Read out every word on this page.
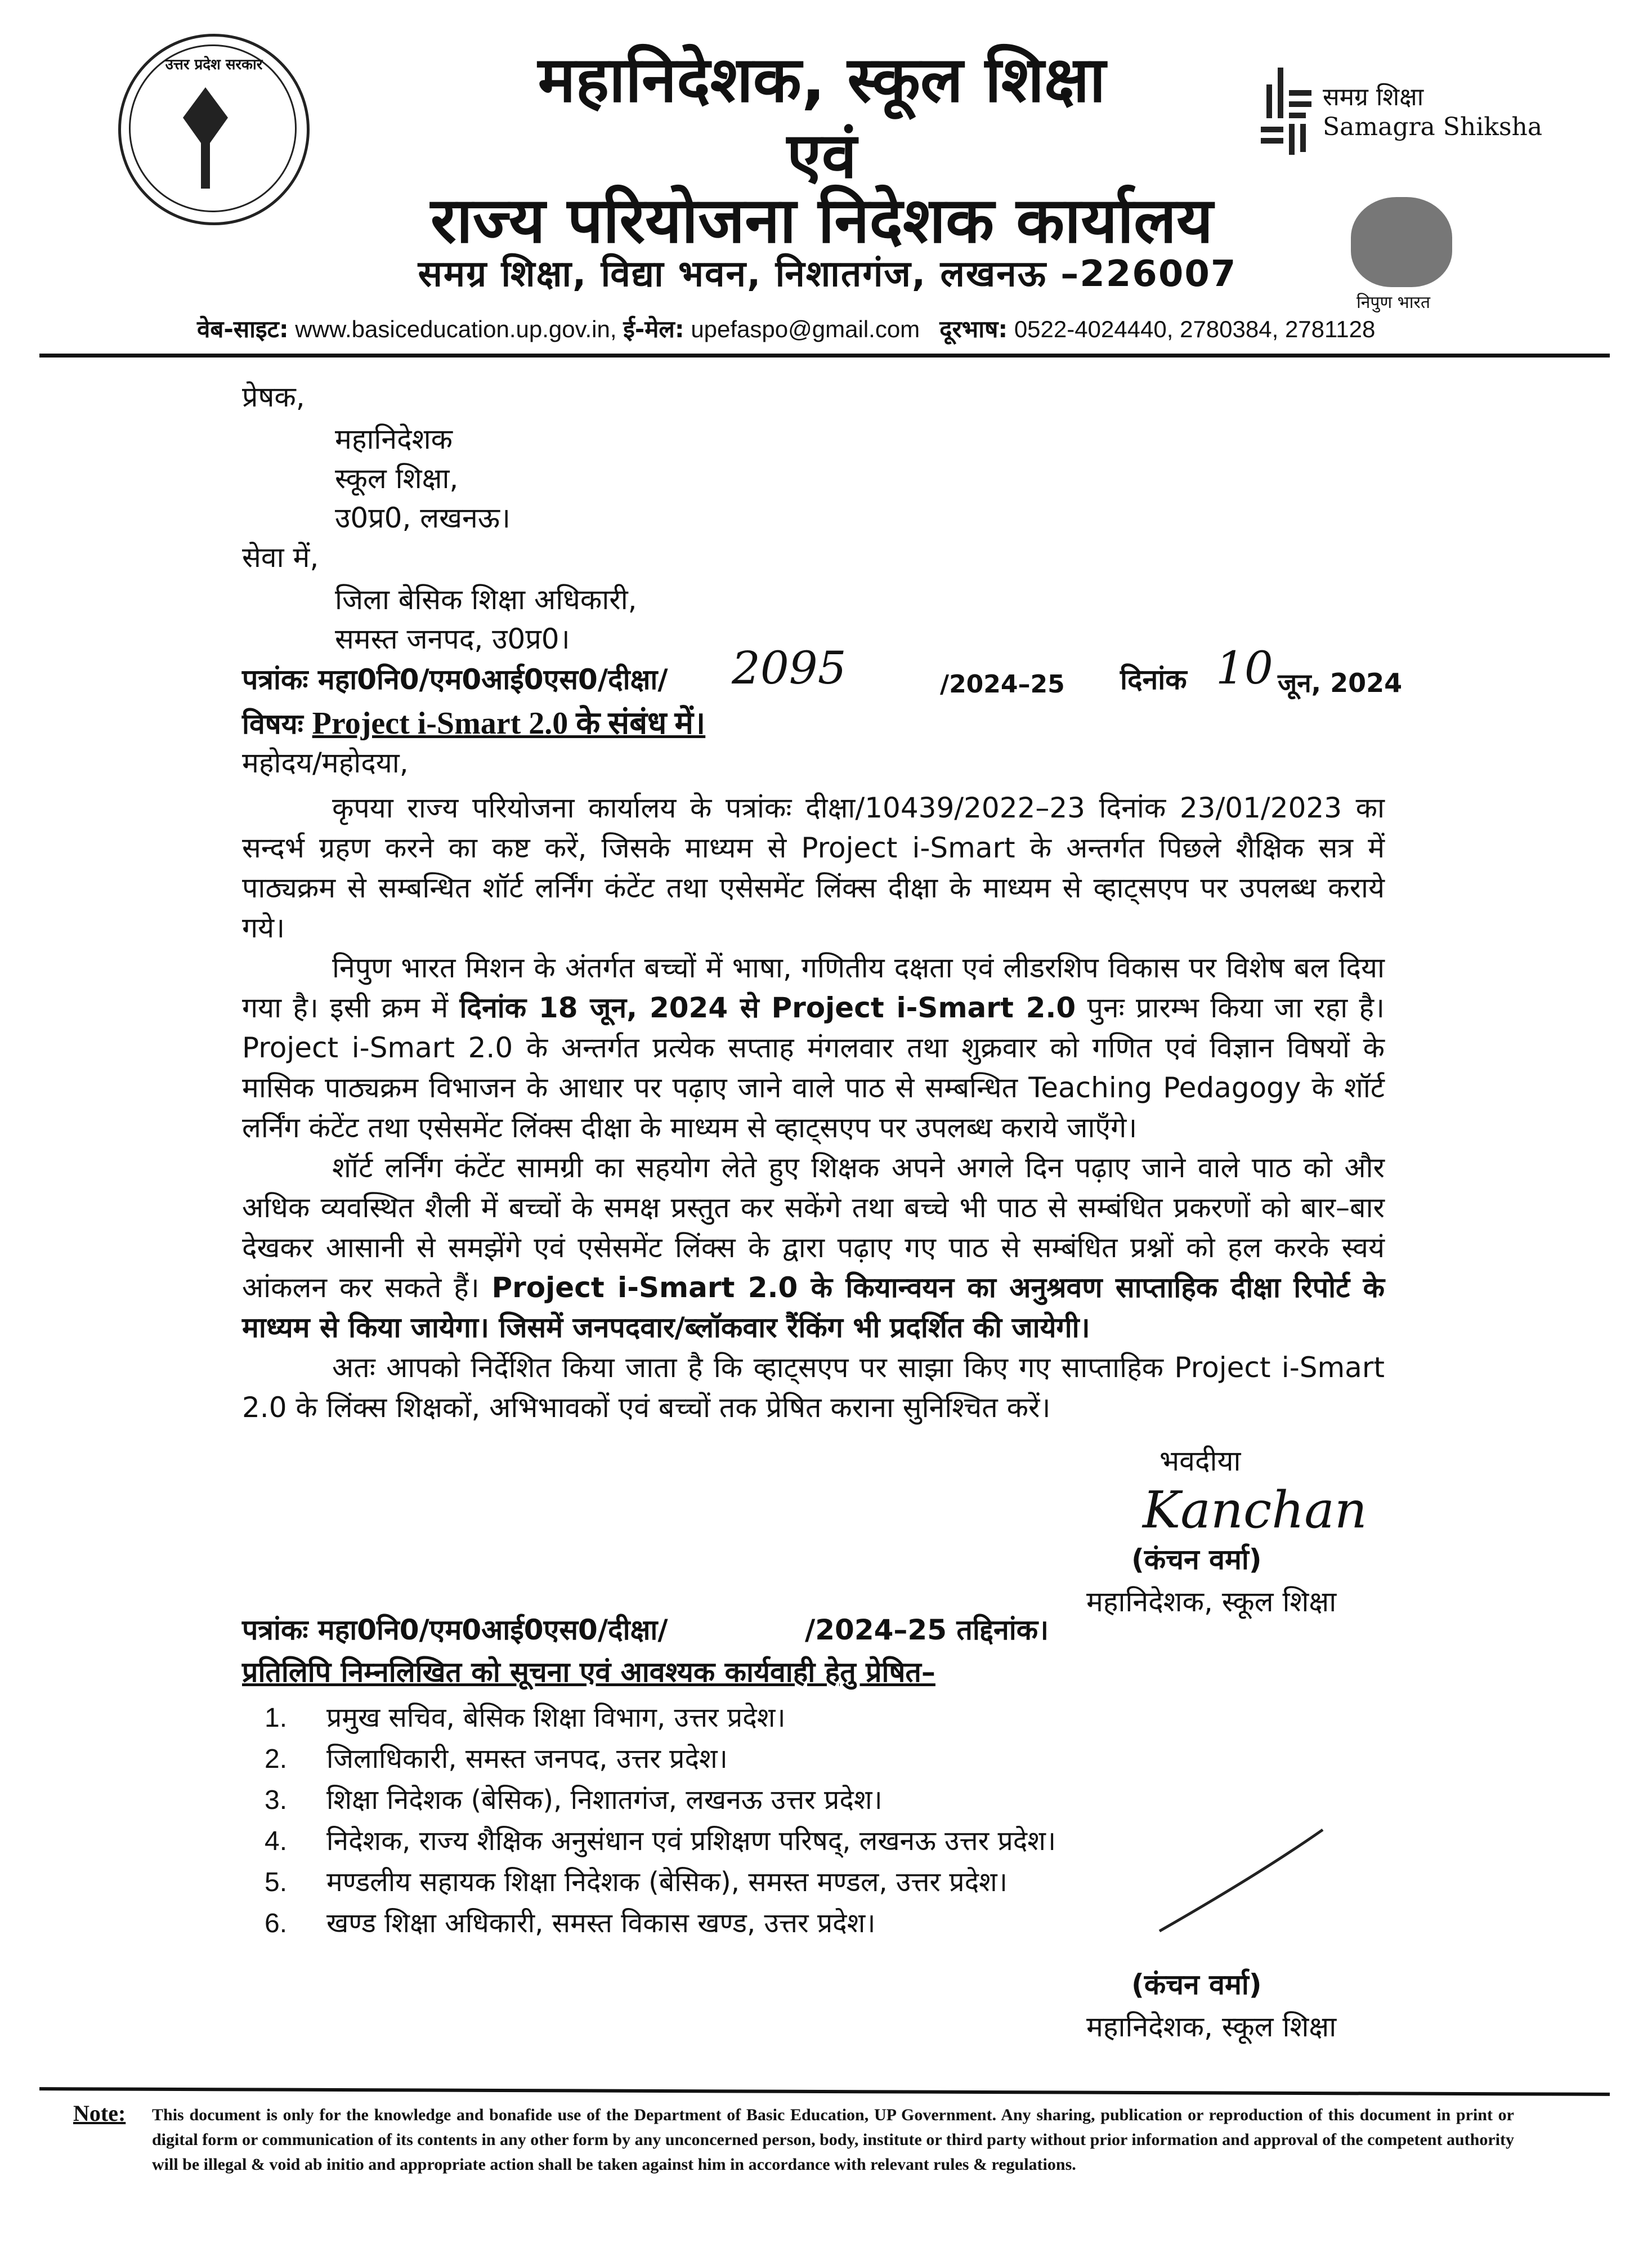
उत्तर प्रदेश सरकार	महानिदेशक, स्कूल शिक्षा
एवं
राज्य परियोजना निदेशक कार्यालय
समग्र शिक्षा, विद्या भवन, निशातगंज, लखनऊ –226007
समग्र शिक्षा
Samagra Shiksha
निपुण भारत
वेब-साइट: www.basiceducation.up.gov.in, ई-मेल: upefaspo@gmail.com दूरभाष: 0522-4024440, 2780384, 2781128
प्रेषक,
महानिदेशक
स्कूल शिक्षा,
उ0प्र0, लखनऊ।
सेवा में,
जिला बेसिक शिक्षा अधिकारी,
समस्त जनपद, उ0प्र0।
पत्रांकः महा0नि0/एम0आई0एस0/दीक्षा/ 2095	/2024–25 दिनांक 10 जून, 2024
विषयः Project i-Smart 2.0 के संबंध में।
महोदय/महोदया,

कृपया राज्य परियोजना कार्यालय के पत्रांकः दीक्षा/10439/2022–23 दिनांक 23/01/2023 का सन्दर्भ ग्रहण करने का कष्ट करें, जिसके माध्यम से Project i-Smart के अन्तर्गत पिछले शैक्षिक सत्र में पाठ्यक्रम से सम्बन्धित शॉर्ट लर्निंग कंटेंट तथा एसेसमेंट लिंक्स दीक्षा के माध्यम से व्हाट्सएप पर उपलब्ध कराये गये।

निपुण भारत मिशन के अंतर्गत बच्चों में भाषा, गणितीय दक्षता एवं लीडरशिप विकास पर विशेष बल दिया गया है। इसी क्रम में दिनांक 18 जून, 2024 से Project i-Smart 2.0 पुनः प्रारम्भ किया जा रहा है। Project i-Smart 2.0 के अन्तर्गत प्रत्येक सप्ताह मंगलवार तथा शुक्रवार को गणित एवं विज्ञान विषयों के मासिक पाठ्यक्रम विभाजन के आधार पर पढ़ाए जाने वाले पाठ से सम्बन्धित Teaching Pedagogy के शॉर्ट लर्निंग कंटेंट तथा एसेसमेंट लिंक्स दीक्षा के माध्यम से व्हाट्सएप पर उपलब्ध कराये जाएँगे।

शॉर्ट लर्निंग कंटेंट सामग्री का सहयोग लेते हुए शिक्षक अपने अगले दिन पढ़ाए जाने वाले पाठ को और अधिक व्यवस्थित शैली में बच्चों के समक्ष प्रस्तुत कर सकेंगे तथा बच्चे भी पाठ से सम्बंधित प्रकरणों को बार–बार देखकर आसानी से समझेंगे एवं एसेसमेंट लिंक्स के द्वारा पढ़ाए गए पाठ से सम्बंधित प्रश्नों को हल करके स्वयं आंकलन कर सकते हैं। Project i-Smart 2.0 के कियान्वयन का अनुश्रवण साप्ताहिक दीक्षा रिपोर्ट के माध्यम से किया जायेगा। जिसमें जनपदवार/ब्लॉकवार रैंकिंग भी प्रदर्शित की जायेगी।

अतः आपको निर्देशित किया जाता है कि व्हाट्सएप पर साझा किए गए साप्ताहिक Project i-Smart 2.0 के लिंक्स शिक्षकों, अभिभावकों एवं बच्चों तक प्रेषित कराना सुनिश्चित करें।

भवदीया
Kanchan
(कंचन वर्मा)
महानिदेशक, स्कूल शिक्षा
पत्रांकः महा0नि0/एम0आई0एस0/दीक्षा/	/2024–25 तद्दिनांक।
प्रतिलिपि निम्नलिखित को सूचना एवं आवश्यक कार्यवाही हेतु प्रेषित–
1. प्रमुख सचिव, बेसिक शिक्षा विभाग, उत्तर प्रदेश।
2. जिलाधिकारी, समस्त जनपद, उत्तर प्रदेश।
3. शिक्षा निदेशक (बेसिक), निशातगंज, लखनऊ उत्तर प्रदेश।
4. निदेशक, राज्य शैक्षिक अनुसंधान एवं प्रशिक्षण परिषद्, लखनऊ उत्तर प्रदेश।
5. मण्डलीय सहायक शिक्षा निदेशक (बेसिक), समस्त मण्डल, उत्तर प्रदेश।
6. खण्ड शिक्षा अधिकारी, समस्त विकास खण्ड, उत्तर प्रदेश।
(कंचन वर्मा)
महानिदेशक, स्कूल शिक्षा
Note: This document is only for the knowledge and bonafide use of the Department of Basic Education, UP Government. Any sharing, publication or reproduction of this document in print or digital form or communication of its contents in any other form by any unconcerned person, body, institute or third party without prior information and approval of the competent authority will be illegal & void ab initio and appropriate action shall be taken against him in accordance with relevant rules & regulations.
